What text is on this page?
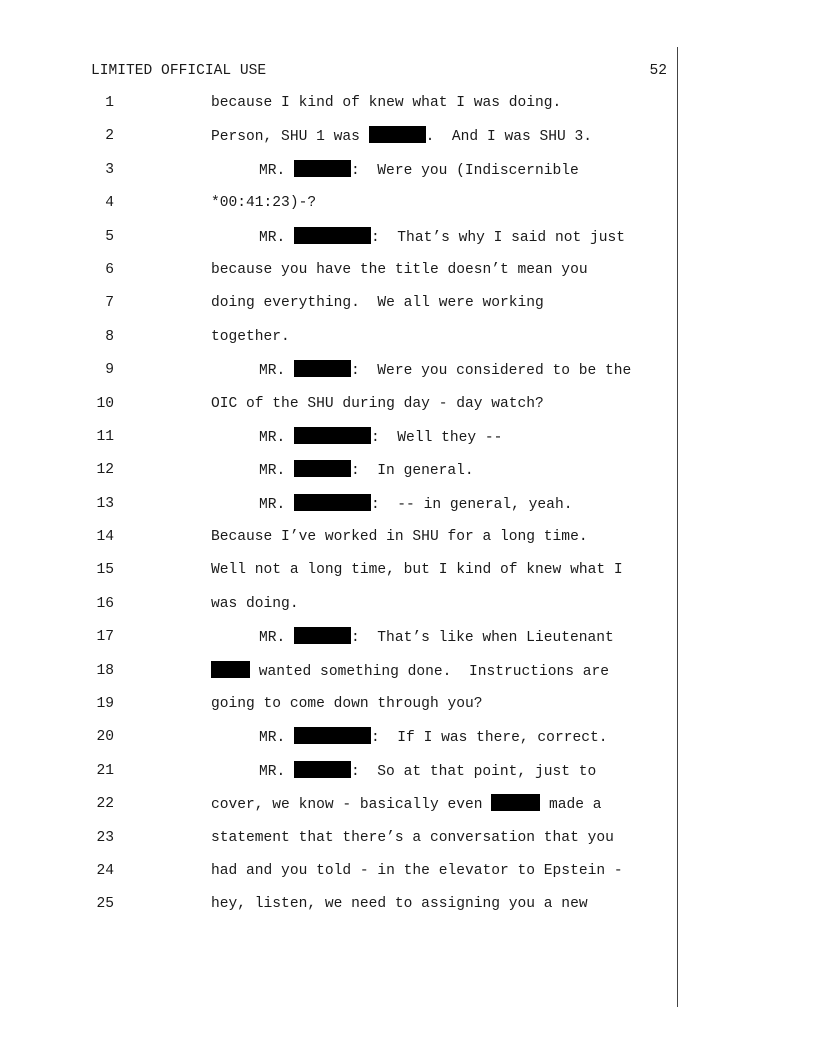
LIMITED OFFICIAL USE	52
1	because I kind of knew what I was doing.
2	Person, SHU 1 was	.  And I was SHU 3.
3	MR.	:  Were you (Indiscernible
4	*00:41:23)-?
5	MR.	:  That’s why I said not just
6	because you have the title doesn’t mean you
7	doing everything.  We all were working
8	together.
9	MR.	:  Were you considered to be the
10	OIC of the SHU during day - day watch?
11	MR.	:  Well they --
12	MR.	:  In general.
13	MR.	:  -- in general, yeah.
14	Because I’ve worked in SHU for a long time.
15	Well not a long time, but I kind of knew what I
16	was doing.
17	MR.	:  That’s like when Lieutenant
18	wanted something done.  Instructions are
19	going to come down through you?
20	MR.	:  If I was there, correct.
21	MR.	:  So at that point, just to
22	cover, we know - basically even	made a
23	statement that there’s a conversation that you
24	had and you told - in the elevator to Epstein -
25	hey, listen, we need to assigning you a new
